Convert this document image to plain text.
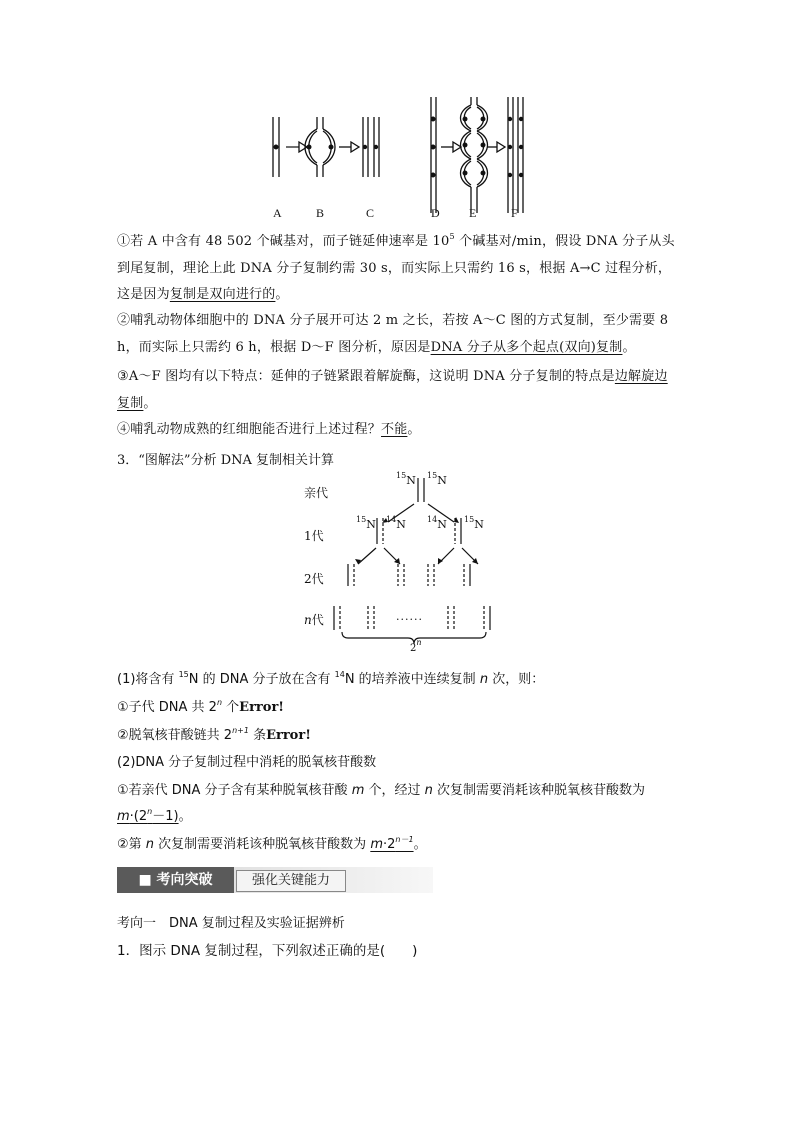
A	B	C	D E	F
①若 A 中含有 48 502 个碱基对，而子链延伸速率是 $10^5$ 个碱基对/min，假设 DNA 分子从头到尾复制，理论上此 DNA 分子复制约需 30 s，而实际上只需约 16 s，根据 A→C 过程分析，这是因为复制是双向进行的。
②哺乳动物体细胞中的 DNA 分子展开可达 2 m 之长，若按 A～C 图的方式复制，至少需要 8 h，而实际上只需约 6 h，根据 D～F 图分析，原因是DNA 分子从多个起点(双向)复制。
③A～F 图均有以下特点：延伸的子链紧跟着解旋酶，这说明 DNA 分子复制的特点是边解旋边复制。
④哺乳动物成熟的红细胞能否进行上述过程？不能。
3．“图解法”分析 DNA 复制相关计算
亲代
1代
2代
n代
$^{15}$N $^{15}$N
$^{15}$N $^{14}$N	$^{14}$N $^{15}$N
......
2$^n$
(1)将含有 $^{15}$N 的 DNA 分子放在含有 $^{14}$N 的培养液中连续复制 n 次，则：
①子代 DNA 共 2$^n$ 个Error!
②脱氧核苷酸链共 $2^{n+1}$ 条Error!
(2)DNA 分子复制过程中消耗的脱氧核苷酸数
①若亲代 DNA 分子含有某种脱氧核苷酸 m 个，经过 n 次复制需要消耗该种脱氧核苷酸数为
$m\cdot(2^n-1)$。
②第 n 次复制需要消耗该种脱氧核苷酸数为 $m\cdot 2^{n-1}$。
■ 考向突破	强化关键能力
考向一　DNA 复制过程及实验证据辨析
1．图示 DNA 复制过程，下列叙述正确的是(　　)
